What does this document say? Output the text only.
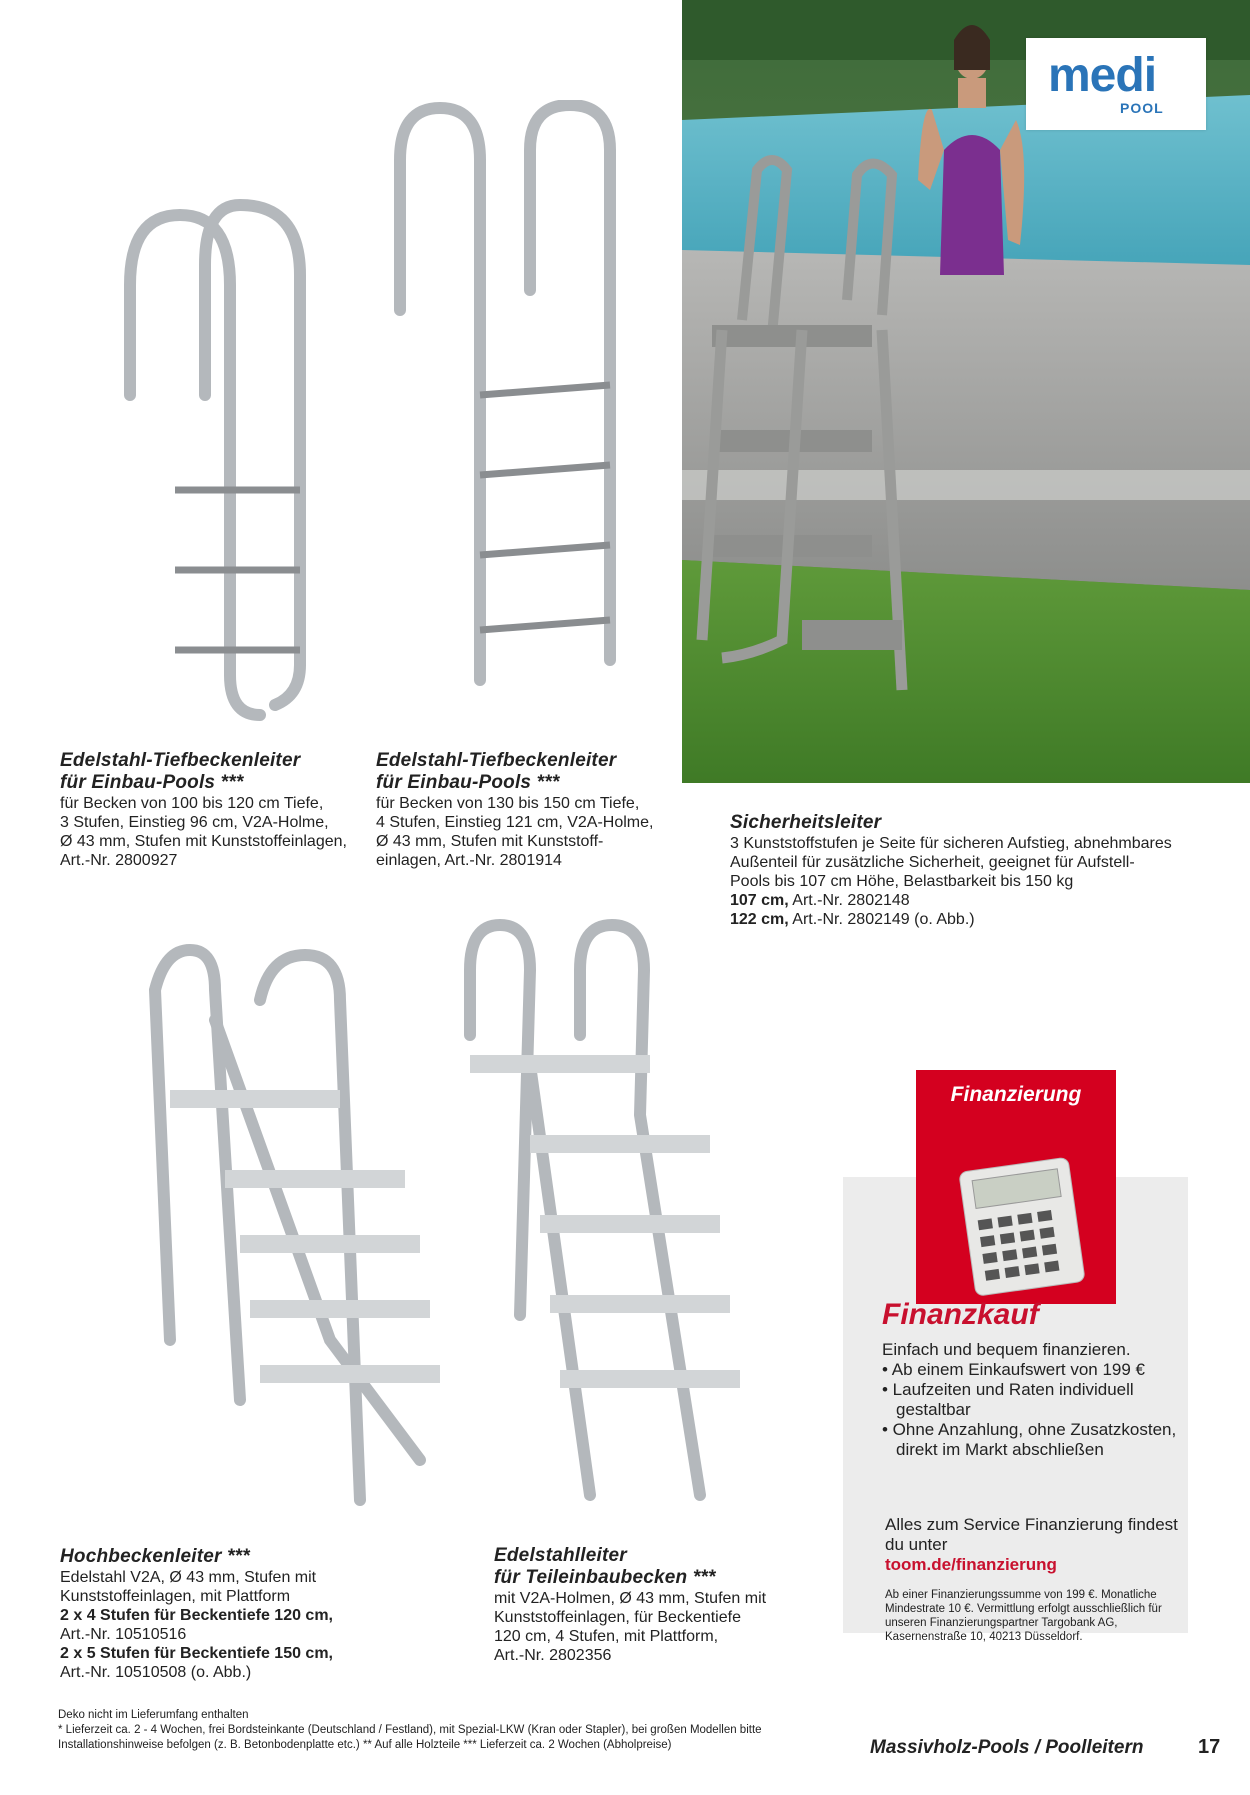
medi
POOL
Edelstahl-Tiefbeckenleiter
für Einbau-Pools ***
für Becken von 100 bis 120 cm Tiefe,
3 Stufen, Einstieg 96 cm, V2A-Holme,
Ø 43 mm, Stufen mit Kunststoffeinlagen,
Art.-Nr. 2800927
Edelstahl-Tiefbeckenleiter
für Einbau-Pools ***
für Becken von 130 bis 150 cm Tiefe,
4 Stufen, Einstieg 121 cm, V2A-Holme,
Ø 43 mm, Stufen mit Kunststoff-
einlagen, Art.-Nr. 2801914
Sicherheitsleiter
3 Kunststoffstufen je Seite für sicheren Aufstieg, abnehmbares
Außenteil für zusätzliche Sicherheit, geeignet für Aufstell-
Pools bis 107 cm Höhe, Belastbarkeit bis 150 kg
107 cm, Art.-Nr. 2802148
122 cm, Art.-Nr. 2802149 (o. Abb.)
Hochbeckenleiter ***
Edelstahl V2A, Ø 43 mm, Stufen mit
Kunststoffeinlagen, mit Plattform
2 x 4 Stufen für Beckentiefe 120 cm,
Art.-Nr. 10510516
2 x 5 Stufen für Beckentiefe 150 cm,
Art.-Nr. 10510508 (o. Abb.)
Edelstahlleiter
für Teileinbaubecken ***
mit V2A-Holmen, Ø 43 mm, Stufen mit
Kunststoffeinlagen, für Beckentiefe
120 cm, 4 Stufen, mit Plattform,
Art.-Nr. 2802356
Finanzierung
Finanzkauf
Einfach und bequem finanzieren.
• Ab einem Einkaufswert von 199 €
• Laufzeiten und Raten individuell gestaltbar
• Ohne Anzahlung, ohne Zusatzkosten, direkt im Markt abschließen
Alles zum Service Finanzierung findest du unter
toom.de/finanzierung
Ab einer Finanzierungssumme von 199 €. Monatliche Mindestrate 10 €. Vermittlung erfolgt ausschließlich für unseren Finanzierungspartner Targobank AG, Kasernenstraße 10, 40213 Düsseldorf.
Deko nicht im Lieferumfang enthalten
* Lieferzeit ca. 2 - 4 Wochen, frei Bordsteinkante (Deutschland / Festland), mit Spezial-LKW (Kran oder Stapler), bei großen Modellen bitte
Installationshinweise befolgen (z. B. Betonbodenplatte etc.) ** Auf alle Holzteile *** Lieferzeit ca. 2 Wochen (Abholpreise)	Massivholz-Pools / Poolleitern	17
